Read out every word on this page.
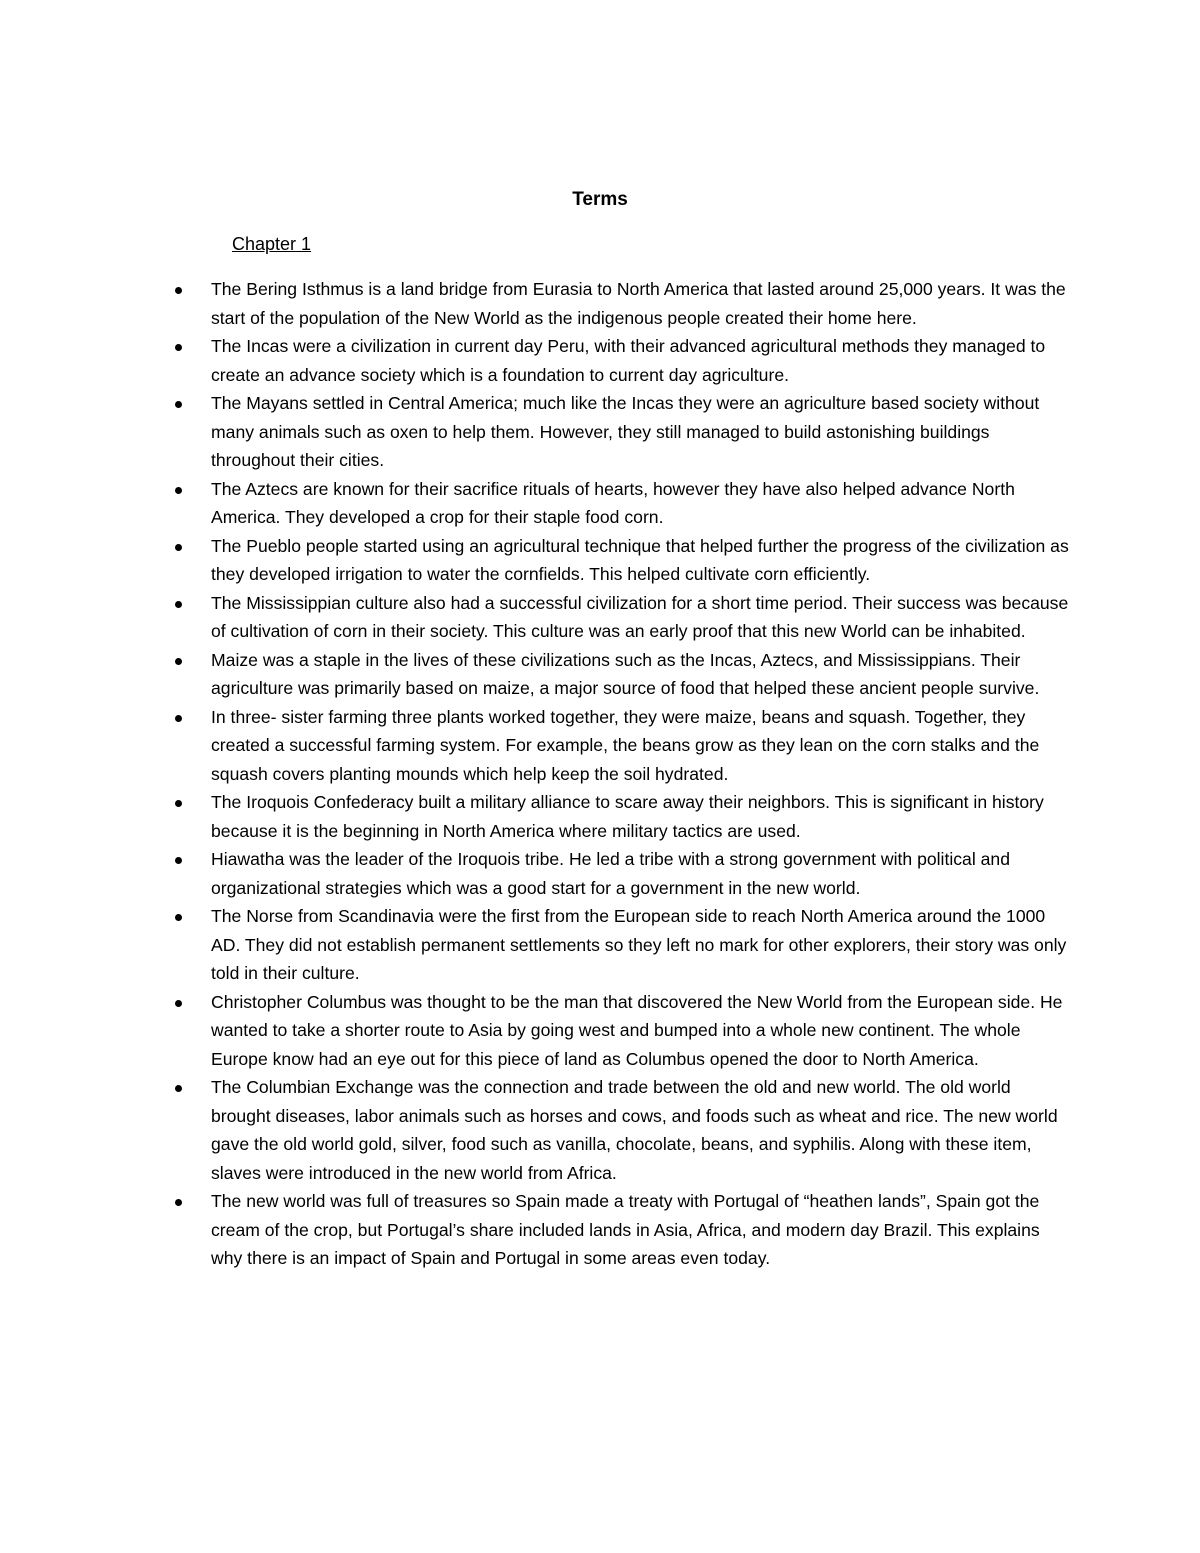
Terms
Chapter 1
The Bering Isthmus is a land bridge from Eurasia to North America that lasted around 25,000 years. It was the start of the population of the New World as the indigenous people created their home here.
The Incas were a civilization in current day Peru, with their advanced agricultural methods they managed to create an advance society which is a foundation to current day agriculture.
The Mayans settled in Central America; much like the Incas they were an agriculture based society without many animals such as oxen to help them. However, they still managed to build astonishing buildings throughout their cities.
The Aztecs are known for their sacrifice rituals of hearts, however they have also helped advance North America. They developed a crop for their staple food corn.
The Pueblo people started using an agricultural technique that helped further the progress of the civilization as they developed irrigation to water the cornfields. This helped cultivate corn efficiently.
The Mississippian culture also had a successful civilization for a short time period. Their success was because of cultivation of corn in their society. This culture was an early proof that this new World can be inhabited.
Maize was a staple in the lives of these civilizations such as the Incas, Aztecs, and Mississippians. Their agriculture was primarily based on maize, a major source of food that helped these ancient people survive.
In three- sister farming three plants worked together, they were maize, beans and squash. Together, they created a successful farming system. For example, the beans grow as they lean on the corn stalks and the squash covers planting mounds which help keep the soil hydrated.
The Iroquois Confederacy built a military alliance to scare away their neighbors. This is significant in history because it is the beginning in North America where military tactics are used.
Hiawatha was the leader of the Iroquois tribe. He led a tribe with a strong government with political and organizational strategies which was a good start for a government in the new world.
The Norse from Scandinavia were the first from the European side to reach North America around the 1000 AD. They did not establish permanent settlements so they left no mark for other explorers, their story was only told in their culture.
Christopher Columbus was thought to be the man that discovered the New World from the European side. He wanted to take a shorter route to Asia by going west and bumped into a whole new continent. The whole Europe know had an eye out for this piece of land as Columbus opened the door to North America.
The Columbian Exchange was the connection and trade between the old and new world. The old world brought diseases, labor animals such as horses and cows, and foods such as wheat and rice. The new world gave the old world gold, silver, food such as vanilla, chocolate, beans, and syphilis. Along with these item, slaves were introduced in the new world from Africa.
The new world was full of treasures so Spain made a treaty with Portugal of “heathen lands”, Spain got the cream of the crop, but Portugal’s share included lands in Asia, Africa, and modern day Brazil. This explains why there is an impact of Spain and Portugal in some areas even today.
